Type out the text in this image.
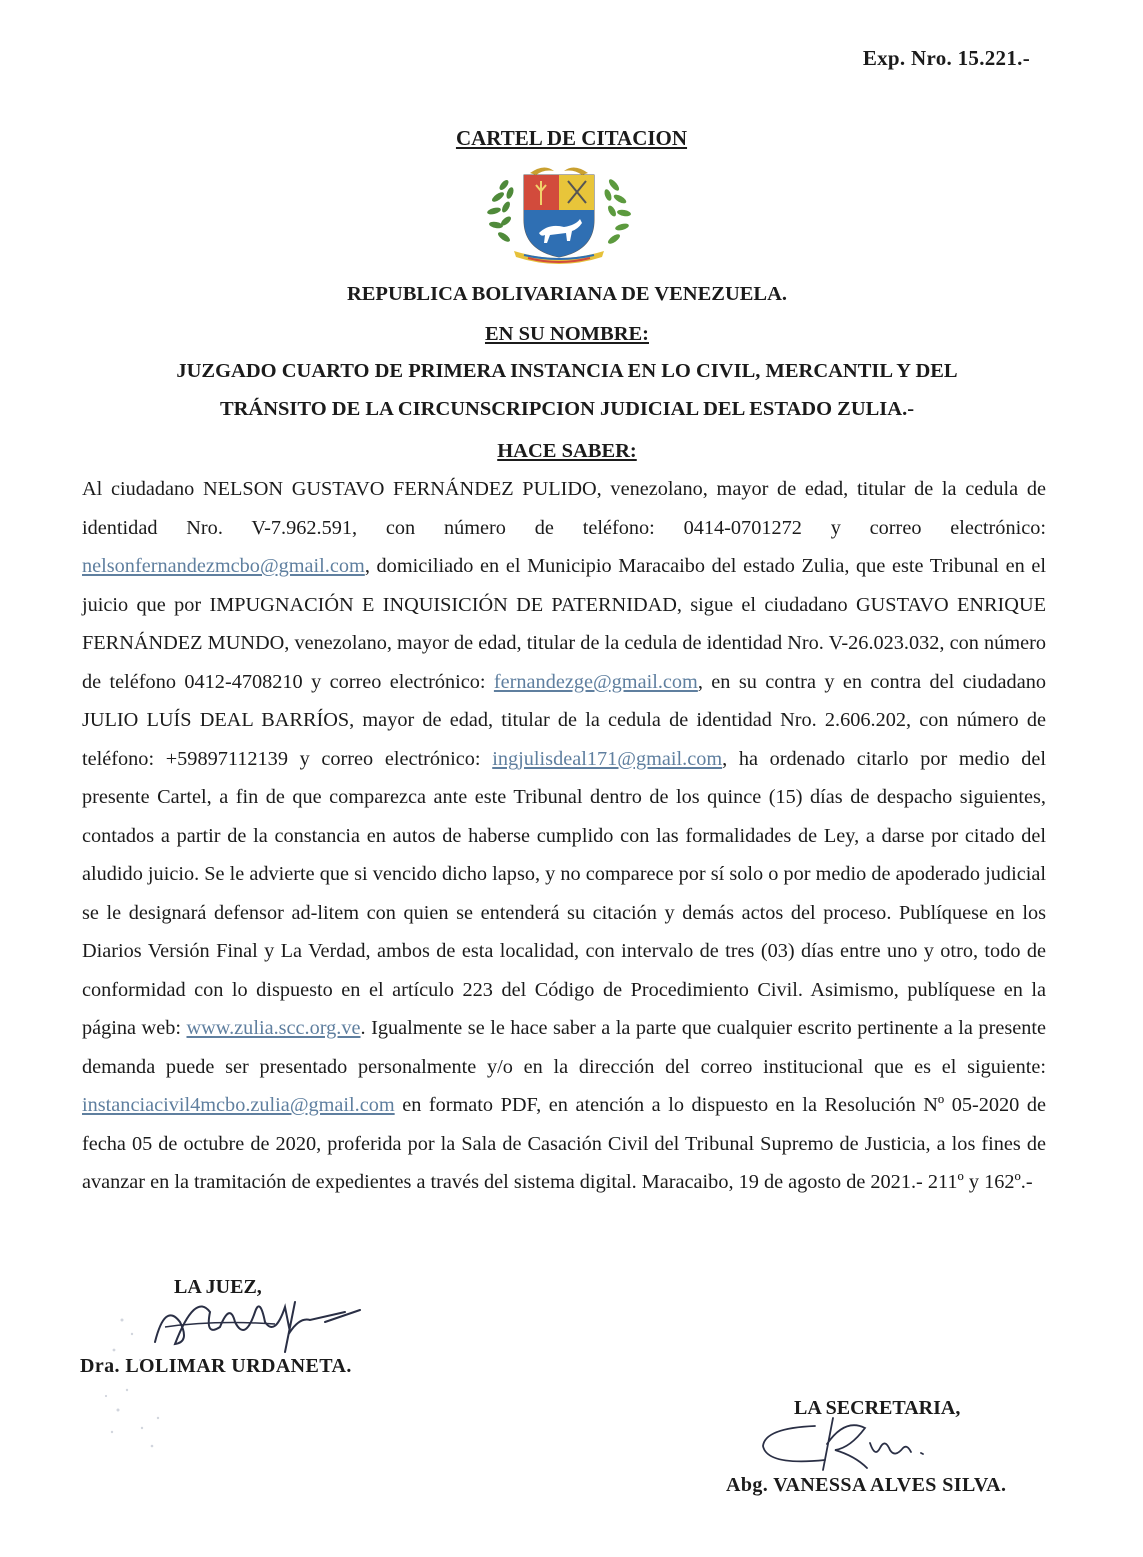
Exp. Nro. 15.221.-
CARTEL DE CITACION
REPUBLICA BOLIVARIANA DE VENEZUELA.
EN SU NOMBRE:
JUZGADO CUARTO DE PRIMERA INSTANCIA EN LO CIVIL, MERCANTIL Y DEL
TRÁNSITO DE LA CIRCUNSCRIPCION JUDICIAL DEL ESTADO ZULIA.-
HACE SABER:

Al ciudadano NELSON GUSTAVO FERNÁNDEZ PULIDO, venezolano, mayor de edad, titular de la cedula de identidad Nro. V-7.962.591, con número de teléfono: 0414-0701272 y correo electrónico: nelsonfernandezmcbo@gmail.com, domiciliado en el Municipio Maracaibo del estado Zulia, que este Tribunal en el juicio que por IMPUGNACIÓN E INQUISICIÓN DE PATERNIDAD, sigue el ciudadano GUSTAVO ENRIQUE FERNÁNDEZ MUNDO, venezolano, mayor de edad, titular de la cedula de identidad Nro. V-26.023.032, con número de teléfono 0412-4708210 y correo electrónico: fernandezge@gmail.com, en su contra y en contra del ciudadano JULIO LUÍS DEAL BARRÍOS, mayor de edad, titular de la cedula de identidad Nro. 2.606.202, con número de teléfono: +59897112139 y correo electrónico: ingjulisdeal171@gmail.com, ha ordenado citarlo por medio del presente Cartel, a fin de que comparezca ante este Tribunal dentro de los quince (15) días de despacho siguientes, contados a partir de la constancia en autos de haberse cumplido con las formalidades de Ley, a darse por citado del aludido juicio. Se le advierte que si vencido dicho lapso, y no comparece por sí solo o por medio de apoderado judicial se le designará defensor ad-litem con quien se entenderá su citación y demás actos del proceso. Publíquese en los Diarios Versión Final y La Verdad, ambos de esta localidad, con intervalo de tres (03) días entre uno y otro, todo de conformidad con lo dispuesto en el artículo 223 del Código de Procedimiento Civil. Asimismo, publíquese en la página web: www.zulia.scc.org.ve. Igualmente se le hace saber a la parte que cualquier escrito pertinente a la presente demanda puede ser presentado personalmente y/o en la dirección del correo institucional que es el siguiente: instanciacivil4mcbo.zulia@gmail.com en formato PDF, en atención a lo dispuesto en la Resolución Nº 05-2020 de fecha 05 de octubre de 2020, proferida por la Sala de Casación Civil del Tribunal Supremo de Justicia, a los fines de avanzar en la tramitación de expedientes a través del sistema digital. Maracaibo, 19 de agosto de 2021.- 211º y 162º.-

LA JUEZ,
Dra. LOLIMAR URDANETA.
LA SECRETARIA,
Abg. VANESSA ALVES SILVA.
